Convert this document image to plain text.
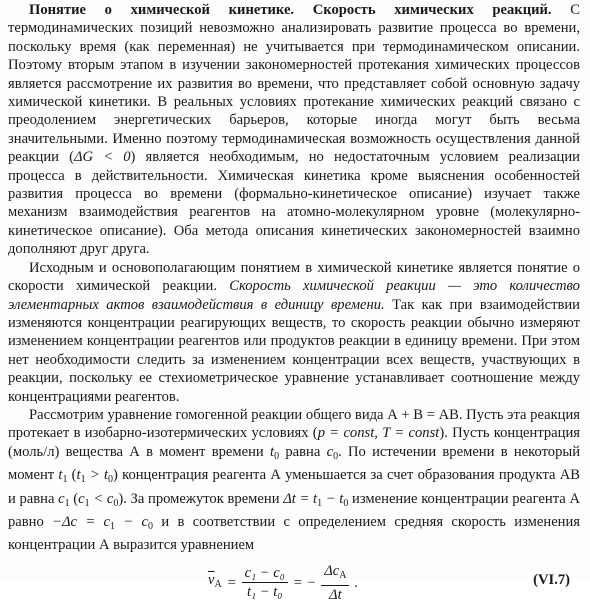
Понятие о химической кинетике. Скорость химических реакций. С термодинамических позиций невозможно анализировать развитие процесса во времени, поскольку время (как переменная) не учитывается при термодинамическом описании. Поэтому вторым этапом в изучении закономерностей протекания химических процессов является рассмотрение их развития во времени, что представляет собой основную задачу химической кинетики. В реальных условиях протекание химических реакций связано с преодолением энергетических барьеров, которые иногда могут быть весьма значительными. Именно поэтому термодинамическая возможность осуществления данной реакции (ΔG < 0) является необходимым, но недостаточным условием реализации процесса в действительности. Химическая кинетика кроме выяснения особенностей развития процесса во времени (формально-кинетическое описание) изучает также механизм взаимодействия реагентов на атомно-молекулярном уровне (молекулярно-кинетическое описание). Оба метода описания кинетических закономерностей взаимно дополняют друг друга.

Исходным и основополагающим понятием в химической кинетике является понятие о скорости химической реакции. Скорость химической реакции — это количество элементарных актов взаимодействия в единицу времени. Так как при взаимодействии изменяются концентрации реагирующих веществ, то скорость реакции обычно измеряют изменением концентрации реагентов или продуктов реакции в единицу времени. При этом нет необходимости следить за изменением концентрации всех веществ, участвующих в реакции, поскольку ее стехиометрическое уравнение устанавливает соотношение между концентрациями реагентов.

Рассмотрим уравнение гомогенной реакции общего вида А + В = АВ. Пусть эта реакция протекает в изобарно-изотермических условиях (p = const, T = const). Пусть концентрация (моль/л) вещества А в момент времени $t_0$ равна $c_0$. По истечении времени в некоторый момент $t_1$ $(t_1 > t_0)$ концентрация реагента А уменьшается за счет образования продукта АВ и равна $c_1$ $(c_1 < c_0)$. За промежуток времени $\Delta t = t_1 - t_0$ изменение концентрации реагента А равно $-\Delta c = c_1 - c_0$ и в соответствии с определением средняя скорость изменения концентрации А выразится уравнением

$\overline{v}_A = \frac{\text{c₁ − c₀}}{\text{t₁ − t₀}}$ = − $\frac{\Delta c_A}{\Delta t}$ .	(VI.7)
